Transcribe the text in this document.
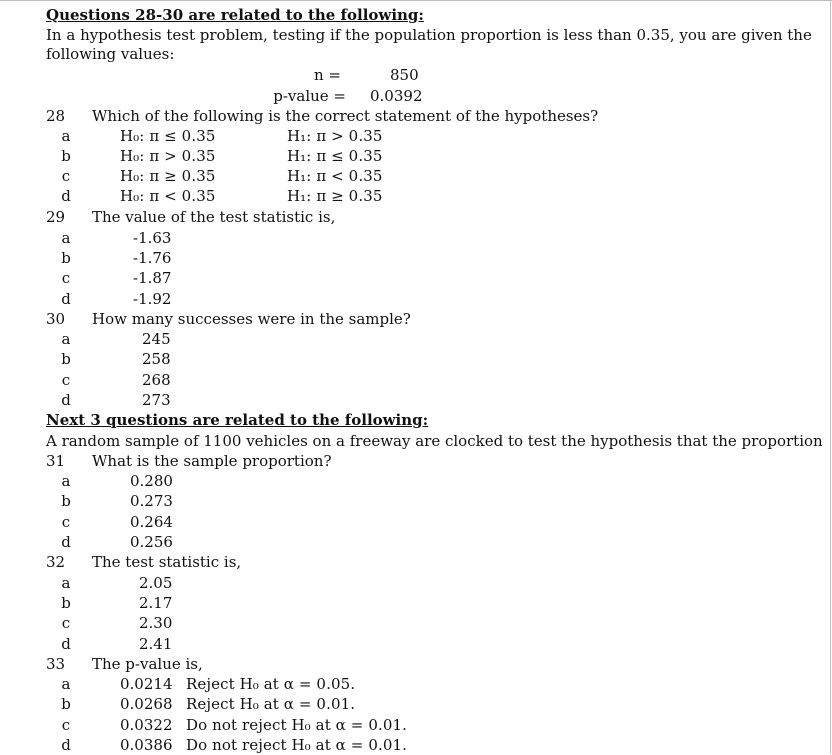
Questions 28-30 are related to the following:
In a hypothesis test problem, testing if the population proportion is less than 0.35, you are given the
following values:
n =	850
p-value = 0.0392
28 Which of the following is the correct statement of the hypotheses?
a	H₀: π ≤ 0.35	H₁: π > 0.35
b	H₀: π > 0.35	H₁: π ≤ 0.35
c	H₀: π ≥ 0.35	H₁: π < 0.35
d	H₀: π < 0.35	H₁: π ≥ 0.35
29 The value of the test statistic is,
a	-1.63
b	-1.76
c	-1.87
d	-1.92
30 How many successes were in the sample?
a	245
b	258
c	268
d	273
Next 3 questions are related to the following:
A random sample of 1100 vehicles on a freeway are clocked to test the hypothesis that the proportion
31 What is the sample proportion?
a	0.280
b	0.273
c	0.264
d	0.256
32 The test statistic is,
a	2.05
b	2.17
c	2.30
d	2.41
33 The p-value is,
a	0.0214 Reject H₀ at α = 0.05.
b	0.0268 Reject H₀ at α = 0.01.
c	0.0322 Do not reject H₀ at α = 0.01.
d	0.0386 Do not reject H₀ at α = 0.01.
